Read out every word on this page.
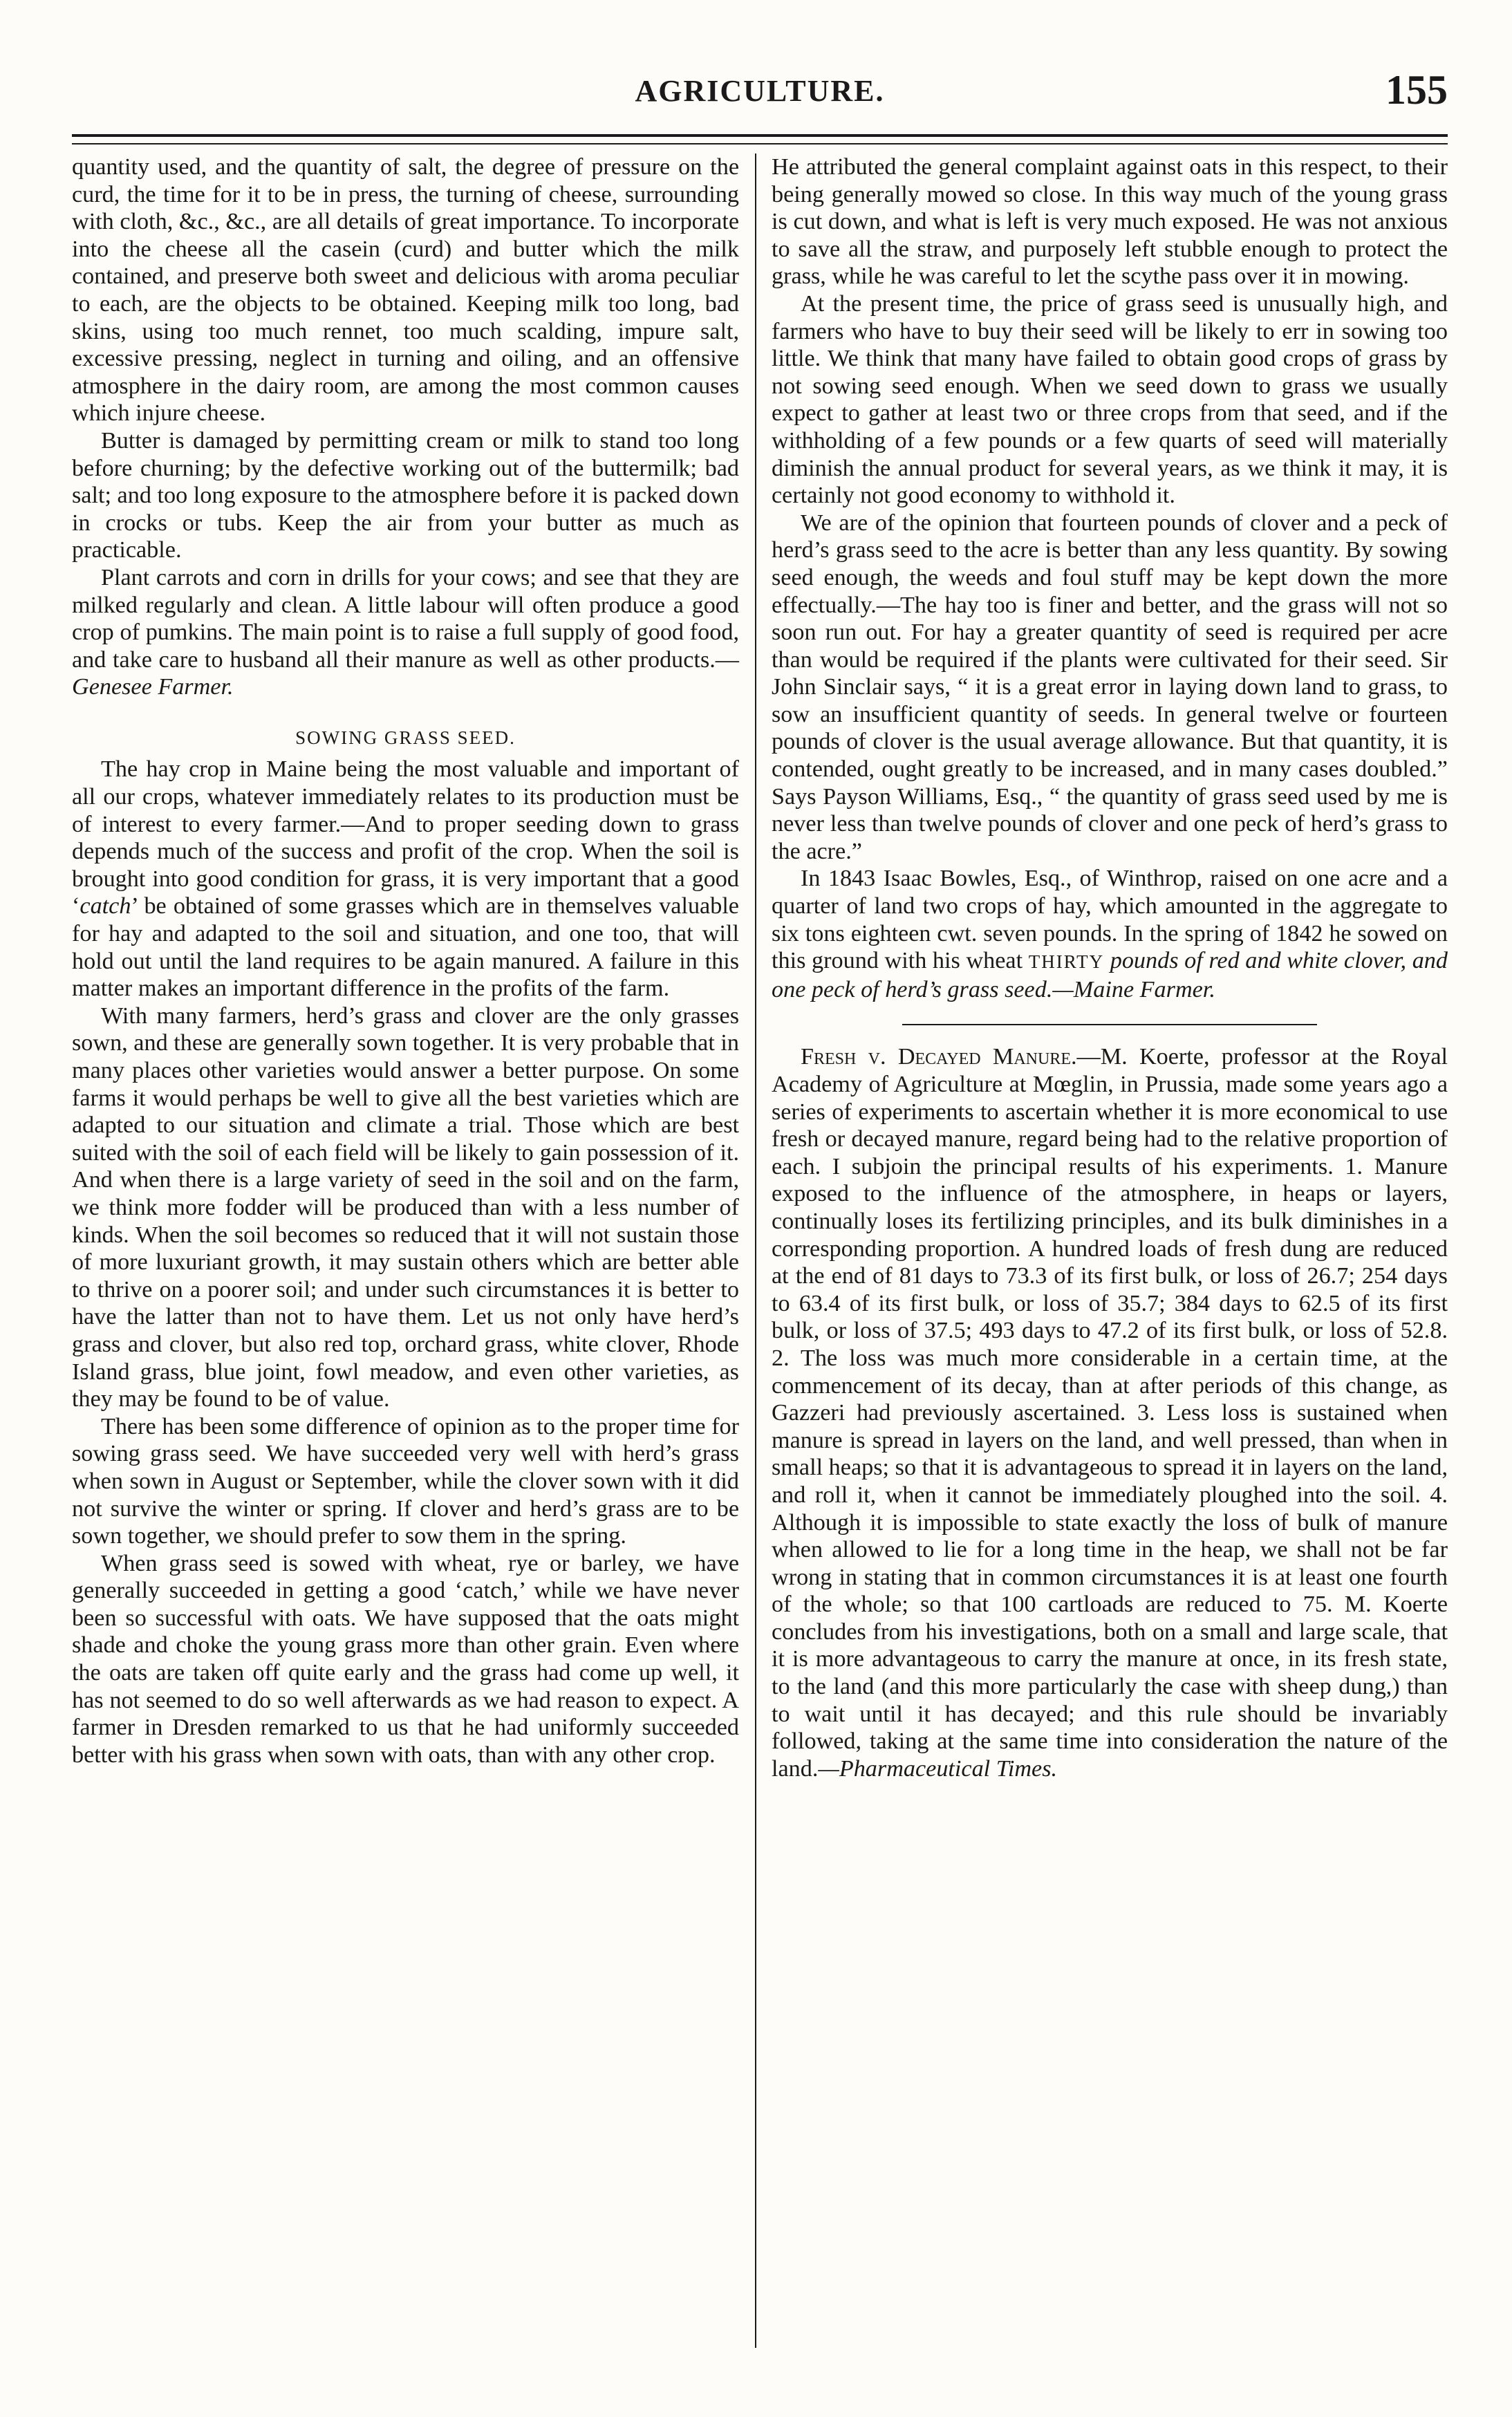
AGRICULTURE.	155

quantity used, and the quantity of salt, the degree of pressure on the curd, the time for it to be in press, the turning of cheese, surrounding with cloth, &c., &c., are all details of great importance. To incorporate into the cheese all the casein (curd) and butter which the milk contained, and preserve both sweet and delicious with aroma peculiar to each, are the objects to be obtained. Keeping milk too long, bad skins, using too much rennet, too much scalding, impure salt, excessive pressing, neglect in turning and oiling, and an offensive atmosphere in the dairy room, are among the most common causes which injure cheese.

Butter is damaged by permitting cream or milk to stand too long before churning; by the defective working out of the buttermilk; bad salt; and too long exposure to the atmosphere before it is packed down in crocks or tubs. Keep the air from your butter as much as practicable.

Plant carrots and corn in drills for your cows; and see that they are milked regularly and clean. A little labour will often produce a good crop of pumkins. The main point is to raise a full supply of good food, and take care to husband all their manure as well as other products.—Genesee Farmer.

SOWING GRASS SEED.

The hay crop in Maine being the most valuable and important of all our crops, whatever immediately relates to its production must be of interest to every farmer.—And to proper seeding down to grass depends much of the success and profit of the crop. When the soil is brought into good condition for grass, it is very important that a good ‘catch’ be obtained of some grasses which are in themselves valuable for hay and adapted to the soil and situation, and one too, that will hold out until the land requires to be again manured. A failure in this matter makes an important difference in the profits of the farm.

With many farmers, herd’s grass and clover are the only grasses sown, and these are generally sown together. It is very probable that in many places other varieties would answer a better purpose. On some farms it would perhaps be well to give all the best varieties which are adapted to our situation and climate a trial. Those which are best suited with the soil of each field will be likely to gain possession of it. And when there is a large variety of seed in the soil and on the farm, we think more fodder will be produced than with a less number of kinds. When the soil becomes so reduced that it will not sustain those of more luxuriant growth, it may sustain others which are better able to thrive on a poorer soil; and under such circumstances it is better to have the latter than not to have them. Let us not only have herd’s grass and clover, but also red top, orchard grass, white clover, Rhode Island grass, blue joint, fowl meadow, and even other varieties, as they may be found to be of value.

There has been some difference of opinion as to the proper time for sowing grass seed. We have succeeded very well with herd’s grass when sown in August or September, while the clover sown with it did not survive the winter or spring. If clover and herd’s grass are to be sown together, we should prefer to sow them in the spring.

When grass seed is sowed with wheat, rye or barley, we have generally succeeded in getting a good ‘catch,’ while we have never been so successful with oats. We have supposed that the oats might shade and choke the young grass more than other grain. Even where the oats are taken off quite early and the grass had come up well, it has not seemed to do so well afterwards as we had reason to expect. A farmer in Dresden remarked to us that he had uniformly succeeded better with his grass when sown with oats, than with any other crop.

He attributed the general complaint against oats in this respect, to their being generally mowed so close. In this way much of the young grass is cut down, and what is left is very much exposed. He was not anxious to save all the straw, and purposely left stubble enough to protect the grass, while he was careful to let the scythe pass over it in mowing.

At the present time, the price of grass seed is unusually high, and farmers who have to buy their seed will be likely to err in sowing too little. We think that many have failed to obtain good crops of grass by not sowing seed enough. When we seed down to grass we usually expect to gather at least two or three crops from that seed, and if the withholding of a few pounds or a few quarts of seed will materially diminish the annual product for several years, as we think it may, it is certainly not good economy to withhold it.

We are of the opinion that fourteen pounds of clover and a peck of herd’s grass seed to the acre is better than any less quantity. By sowing seed enough, the weeds and foul stuff may be kept down the more effectually.—The hay too is finer and better, and the grass will not so soon run out. For hay a greater quantity of seed is required per acre than would be required if the plants were cultivated for their seed. Sir John Sinclair says, “ it is a great error in laying down land to grass, to sow an insufficient quantity of seeds. In general twelve or fourteen pounds of clover is the usual average allowance. But that quantity, it is contended, ought greatly to be increased, and in many cases doubled.” Says Payson Williams, Esq., “ the quantity of grass seed used by me is never less than twelve pounds of clover and one peck of herd’s grass to the acre.”

In 1843 Isaac Bowles, Esq., of Winthrop, raised on one acre and a quarter of land two crops of hay, which amounted in the aggregate to six tons eighteen cwt. seven pounds. In the spring of 1842 he sowed on this ground with his wheat THIRTY pounds of red and white clover, and one peck of herd’s grass seed.—Maine Farmer.

Fresh v. Decayed Manure.—M. Koerte, professor at the Royal Academy of Agriculture at Mœglin, in Prussia, made some years ago a series of experiments to ascertain whether it is more economical to use fresh or decayed manure, regard being had to the relative proportion of each. I subjoin the principal results of his experiments. 1. Manure exposed to the influence of the atmosphere, in heaps or layers, continually loses its fertilizing principles, and its bulk diminishes in a corresponding proportion. A hundred loads of fresh dung are reduced at the end of 81 days to 73.3 of its first bulk, or loss of 26.7; 254 days to 63.4 of its first bulk, or loss of 35.7; 384 days to 62.5 of its first bulk, or loss of 37.5; 493 days to 47.2 of its first bulk, or loss of 52.8. 2. The loss was much more considerable in a certain time, at the commencement of its decay, than at after periods of this change, as Gazzeri had previously ascertained. 3. Less loss is sustained when manure is spread in layers on the land, and well pressed, than when in small heaps; so that it is advantageous to spread it in layers on the land, and roll it, when it cannot be immediately ploughed into the soil. 4. Although it is impossible to state exactly the loss of bulk of manure when allowed to lie for a long time in the heap, we shall not be far wrong in stating that in common circumstances it is at least one fourth of the whole; so that 100 cartloads are reduced to 75. M. Koerte concludes from his investigations, both on a small and large scale, that it is more advantageous to carry the manure at once, in its fresh state, to the land (and this more particularly the case with sheep dung,) than to wait until it has decayed; and this rule should be invariably followed, taking at the same time into consideration the nature of the land.—Pharmaceutical Times.
